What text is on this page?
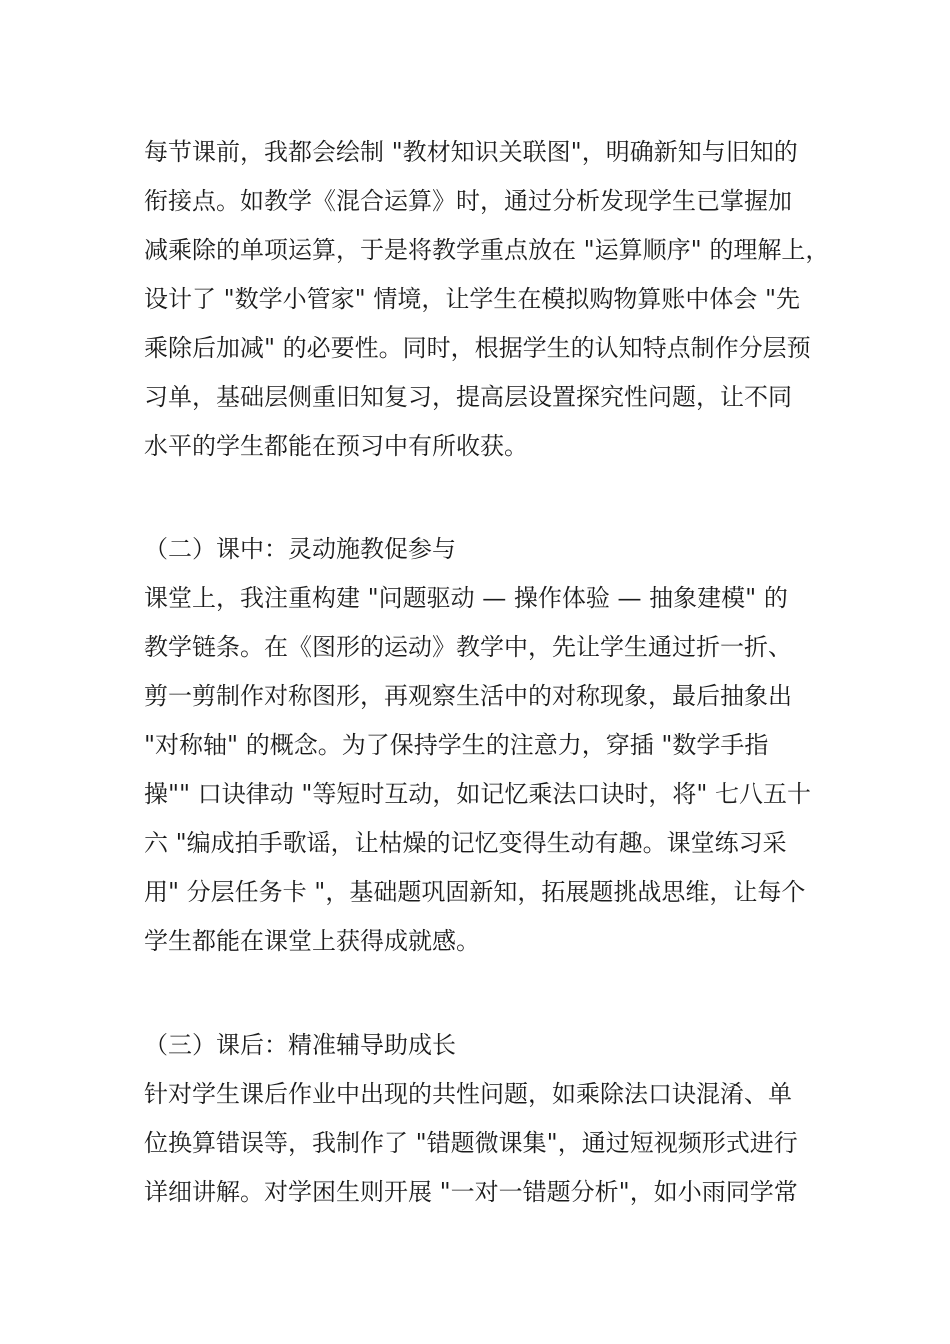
每节课前，我都会绘制 "教材知识关联图"，明确新知与旧知的
衔接点。如教学《混合运算》时，通过分析发现学生已掌握加
减乘除的单项运算，于是将教学重点放在 "运算顺序" 的理解上，
设计了 "数学小管家" 情境，让学生在模拟购物算账中体会 "先
乘除后加减" 的必要性。同时，根据学生的认知特点制作分层预
习单，基础层侧重旧知复习，提高层设置探究性问题，让不同
水平的学生都能在预习中有所收获。
（二）课中：灵动施教促参与
课堂上，我注重构建 "问题驱动 — 操作体验 — 抽象建模" 的
教学链条。在《图形的运动》教学中，先让学生通过折一折、
剪一剪制作对称图形，再观察生活中的对称现象，最后抽象出
"对称轴" 的概念。为了保持学生的注意力，穿插 "数学手指
操"" 口诀律动 "等短时互动，如记忆乘法口诀时，将" 七八五十
六 "编成拍手歌谣，让枯燥的记忆变得生动有趣。课堂练习采
用" 分层任务卡 "，基础题巩固新知，拓展题挑战思维，让每个
学生都能在课堂上获得成就感。
（三）课后：精准辅导助成长
针对学生课后作业中出现的共性问题，如乘除法口诀混淆、单
位换算错误等，我制作了 "错题微课集"，通过短视频形式进行
详细讲解。对学困生则开展 "一对一错题分析"，如小雨同学常
